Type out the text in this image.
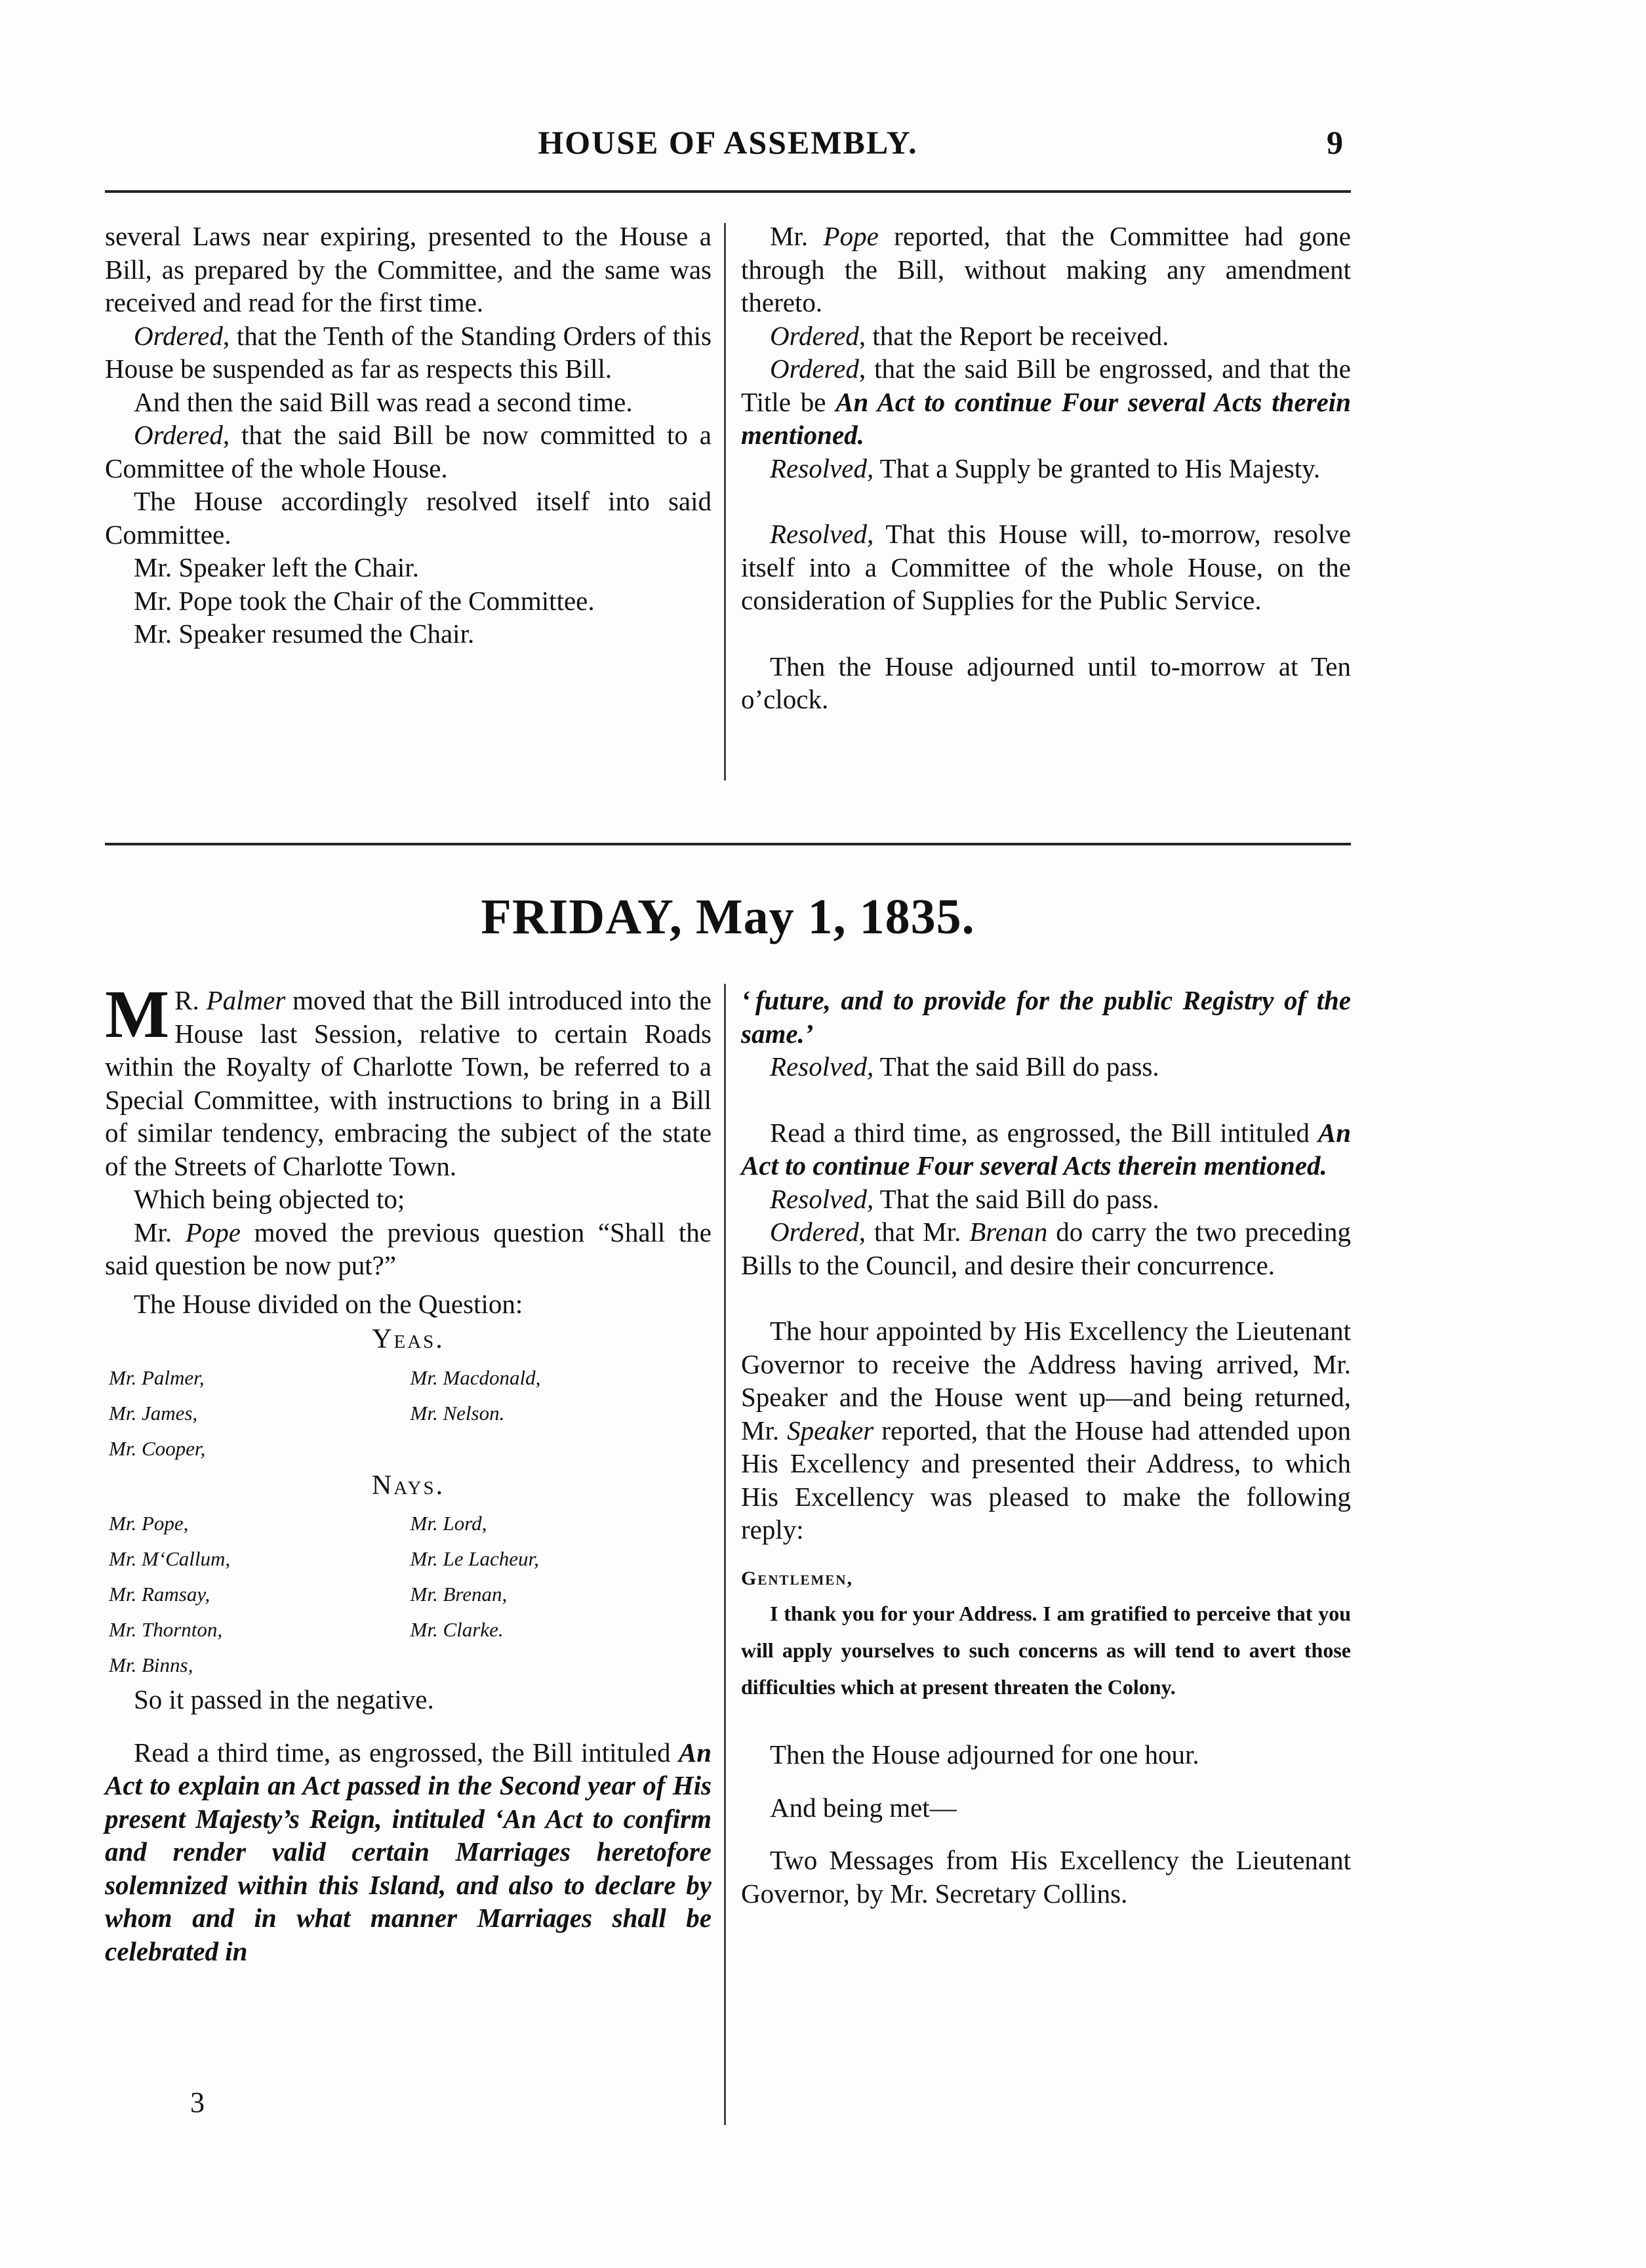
HOUSE OF ASSEMBLY.	9

several Laws near expiring, presented to the House a Bill, as prepared by the Committee, and the same was received and read for the first time.

Ordered, that the Tenth of the Standing Orders of this House be suspended as far as respects this Bill.

And then the said Bill was read a second time.

Ordered, that the said Bill be now committed to a Committee of the whole House.

The House accordingly resolved itself into said Committee.

Mr. Speaker left the Chair.

Mr. Pope took the Chair of the Committee.

Mr. Speaker resumed the Chair.

Mr. Pope reported, that the Committee had gone through the Bill, without making any amendment thereto.

Ordered, that the Report be received.

Ordered, that the said Bill be engrossed, and that the Title be An Act to continue Four several Acts therein mentioned.

Resolved, That a Supply be granted to His Majesty.

Resolved, That this House will, to-morrow, resolve itself into a Committee of the whole House, on the consideration of Supplies for the Public Service.

Then the House adjourned until to-morrow at Ten o’clock.

FRIDAY, May 1, 1835.

M R. Palmer moved that the Bill introduced into the House last Session, relative to certain Roads within the Royalty of Charlotte Town, be referred to a Special Committee, with instructions to bring in a Bill of similar tendency, embracing the subject of the state of the Streets of Charlotte Town.

Which being objected to;

Mr. Pope moved the previous question “Shall the said question be now put?”

The House divided on the Question:

Yeas.
Mr. Palmer,	Mr. Macdonald,
Mr. James,	Mr. Nelson.
Mr. Cooper,
Nays.
Mr. Pope,	Mr. Lord,
Mr. M‘Callum,	Mr. Le Lacheur,
Mr. Ramsay,	Mr. Brenan,
Mr. Thornton,	Mr. Clarke.
Mr. Binns,

So it passed in the negative.

Read a third time, as engrossed, the Bill intituled An Act to explain an Act passed in the Second year of His present Majesty’s Reign, intituled ‘An Act to confirm and render valid certain Marriages heretofore solemnized within this Island, and also to declare by whom and in what manner Marriages shall be celebrated in

3

‘ future, and to provide for the public Registry of the same.’

Resolved, That the said Bill do pass.

Read a third time, as engrossed, the Bill intituled An Act to continue Four several Acts therein mentioned.

Resolved, That the said Bill do pass.

Ordered, that Mr. Brenan do carry the two preceding Bills to the Council, and desire their concurrence.

The hour appointed by His Excellency the Lieutenant Governor to receive the Address having arrived, Mr. Speaker and the House went up—and being returned, Mr. Speaker reported, that the House had attended upon His Excellency and presented their Address, to which His Excellency was pleased to make the following reply:

Gentlemen,

I thank you for your Address. I am gratified to perceive that you will apply yourselves to such concerns as will tend to avert those difficulties which at present threaten the Colony.

Then the House adjourned for one hour.

And being met—

Two Messages from His Excellency the Lieutenant Governor, by Mr. Secretary Collins.
